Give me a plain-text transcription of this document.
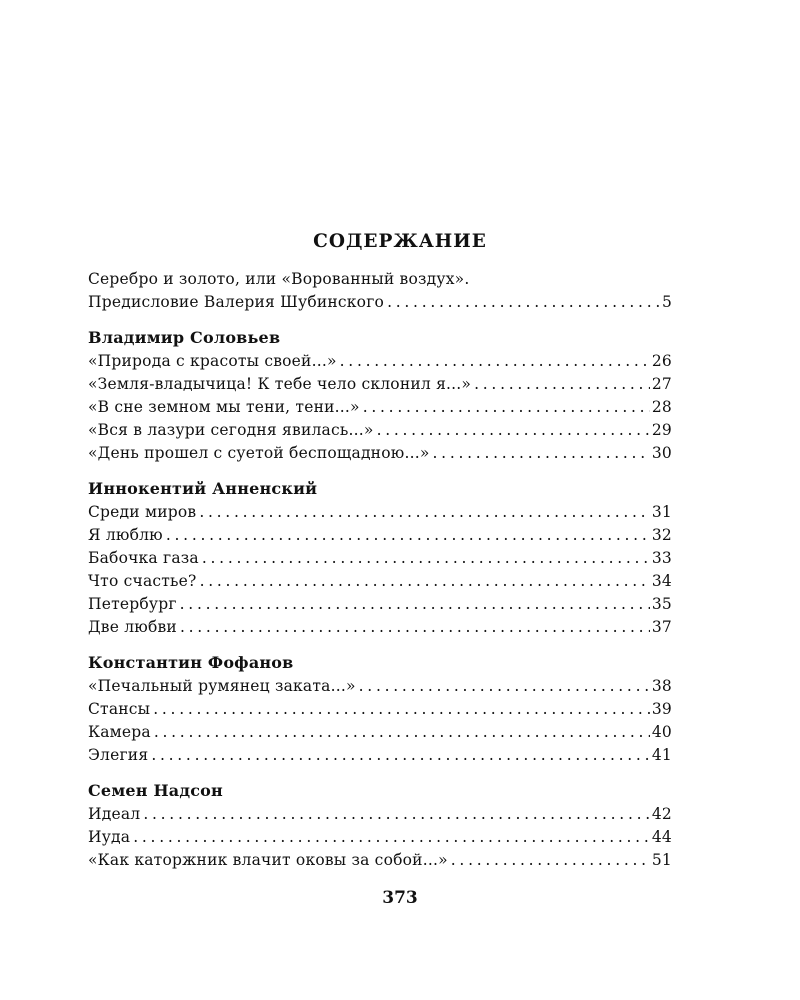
СОДЕРЖАНИЕ
Серебро и золото, или «Ворованный воздух».
Предисловие Валерия Шубинского . . .	5
Владимир Соловьев
«Природа с красоты своей...» . . .	26
«Земля-владычица! К тебе чело склонил я...» . . .	27
«В сне земном мы тени, тени...» . . .	28
«Вся в лазури сегодня явилась...» . . .	29
«День прошел с суетой беспощадною...» . . .	30
Иннокентий Анненский
Среди миров . . .	31
Я люблю . . .	32
Бабочка газа . . .	33
Что счастье? . . .	34
Петербург . . .	35
Две любви . . .	37
Константин Фофанов
«Печальный румянец заката...» . . .	38
Стансы . . .	39
Камера . . .	40
Элегия . . .	41
Семен Надсон
Идеал . . .	42
Иуда . . .	44
«Как каторжник влачит оковы за собой...» . . .	51
373
